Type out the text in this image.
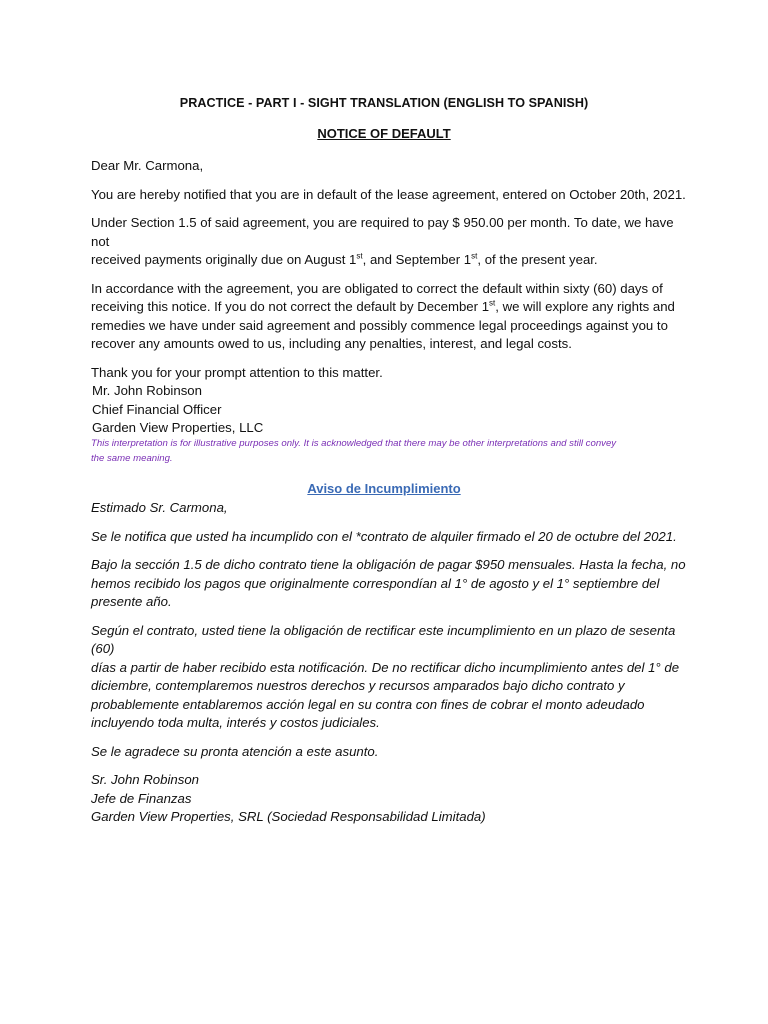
PRACTICE - PART I - SIGHT TRANSLATION (ENGLISH TO SPANISH)
NOTICE OF DEFAULT

Dear Mr. Carmona,

You are hereby notified that you are in default of the lease agreement, entered on October 20th, 2021.

Under Section 1.5 of said agreement, you are required to pay $ 950.00 per month. To date, we have not
received payments originally due on August 1st, and September 1st, of the present year.

In accordance with the agreement, you are obligated to correct the default within sixty (60) days of
receiving this notice. If you do not correct the default by December 1st, we will explore any rights and
remedies we have under said agreement and possibly commence legal proceedings against you to
recover any amounts owed to us, including any penalties, interest, and legal costs.

Thank you for your prompt attention to this matter.

Mr. John Robinson
Chief Financial Officer
Garden View Properties, LLC

This interpretation is for illustrative purposes only. It is acknowledged that there may be other interpretations and still convey
the same meaning.
Aviso de Incumplimiento

Estimado Sr. Carmona,

Se le notifica que usted ha incumplido con el *contrato de alquiler firmado el 20 de octubre del 2021.

Bajo la sección 1.5 de dicho contrato tiene la obligación de pagar $950 mensuales. Hasta la fecha, no
hemos recibido los pagos que originalmente correspondían al 1° de agosto y el 1° septiembre del
presente año.

Según el contrato, usted tiene la obligación de rectificar este incumplimiento en un plazo de sesenta (60)
días a partir de haber recibido esta notificación. De no rectificar dicho incumplimiento antes del 1° de
diciembre, contemplaremos nuestros derechos y recursos amparados bajo dicho contrato y
probablemente entablaremos acción legal en su contra con fines de cobrar el monto adeudado
incluyendo toda multa, interés y costos judiciales.

Se le agradece su pronta atención a este asunto.

Sr. John Robinson
Jefe de Finanzas
Garden View Properties, SRL (Sociedad Responsabilidad Limitada)
